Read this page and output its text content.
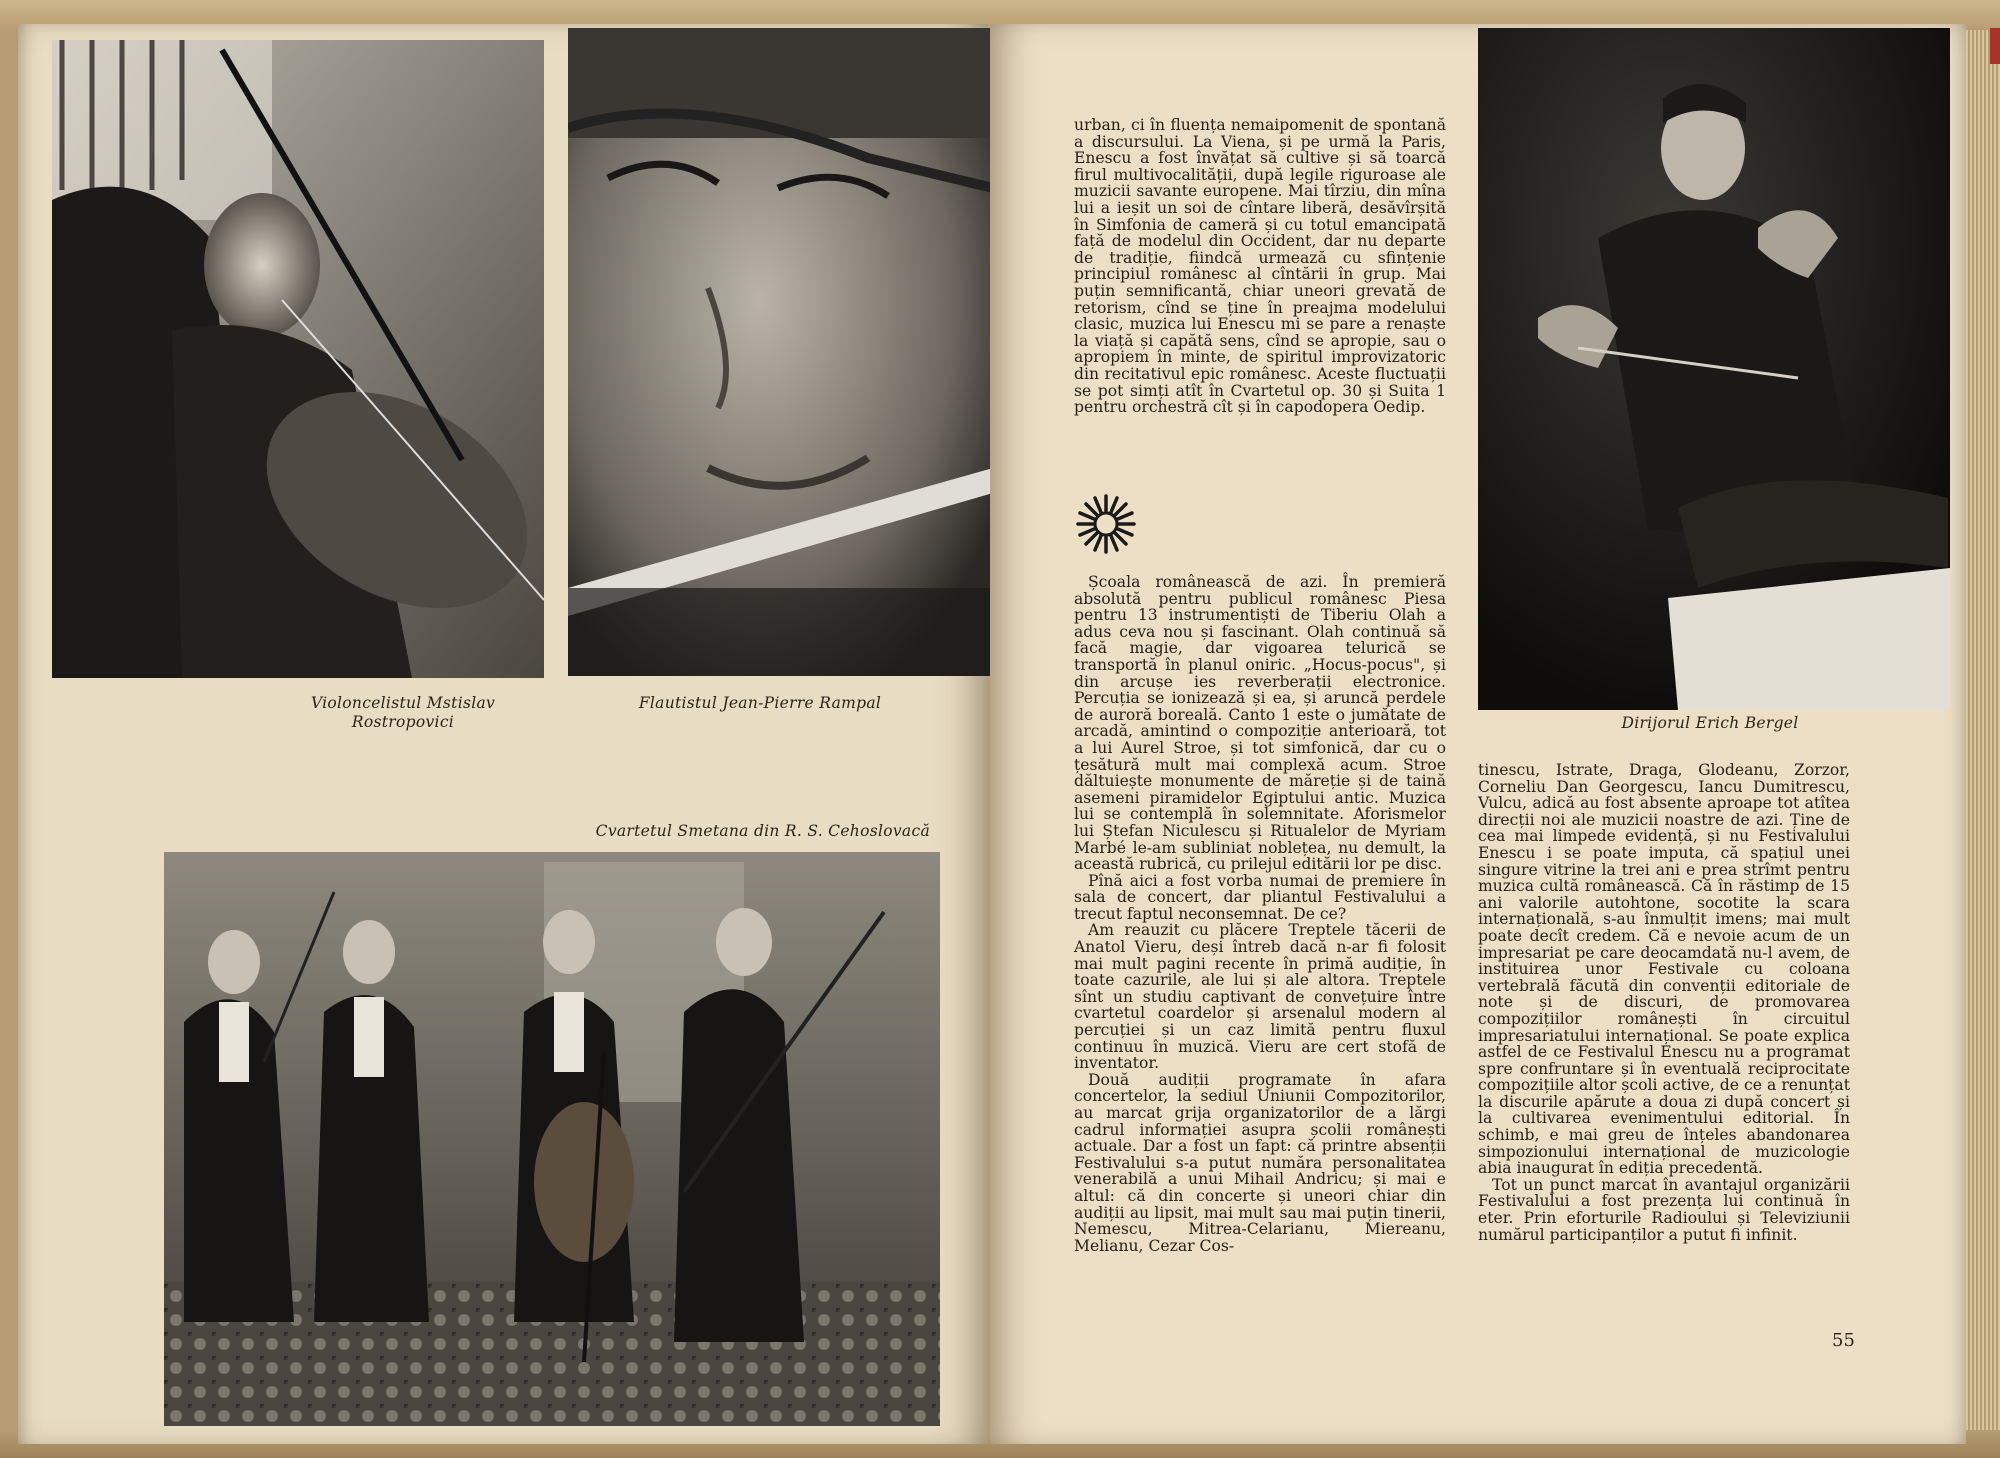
Violoncelistul Mstislav Rostropovici
Flautistul Jean-Pierre Rampal
Cvartetul Smetana din R. S. Cehoslovacă
Dirijorul Erich Bergel

urban, ci în fluența nemaipomenit de spontană a discursului. La Viena, și pe urmă la Paris, Enescu a fost învățat să cultive și să toarcă firul multivocalității, după legile riguroase ale muzicii savante europene. Mai tîrziu, din mîna lui a ieșit un soi de cîntare liberă, desăvîrșită în Simfonia de cameră și cu totul emancipată față de modelul din Occident, dar nu departe de tradiție, fiindcă urmează cu sfințenie principiul românesc al cîntării în grup. Mai puțin semnificantă, chiar uneori grevată de retorism, cînd se ține în preajma modelului clasic, muzica lui Enescu mi se pare a renaște la viață și capătă sens, cînd se apropie, sau o apropiem în minte, de spiritul improvizatoric din recitativul epic românesc. Aceste fluctuații se pot simți atît în Cvartetul op. 30 și Suita 1 pentru orchestră cît și în capodopera Oedip.

Școala românească de azi. În premieră absolută pentru publicul românesc Piesa pentru 13 instrumentiști de Tiberiu Olah a adus ceva nou și fascinant. Olah continuă să facă magie, dar vigoarea telurică se transportă în planul oniric. „Hocus-pocus", și din arcușe ies reverberații electronice. Percuția se ionizează și ea, și aruncă perdele de auroră boreală. Canto 1 este o jumătate de arcadă, amintind o compoziție anterioară, tot a lui Aurel Stroe, și tot simfonică, dar cu o țesătură mult mai complexă acum. Stroe dăltuiește monumente de măreție și de taină asemeni piramidelor Egiptului antic. Muzica lui se contemplă în solemnitate. Aforismelor lui Ștefan Niculescu și Ritualelor de Myriam Marbé le-am subliniat noblețea, nu demult, la această rubrică, cu prilejul editării lor pe disc.

Pînă aici a fost vorba numai de premiere în sala de concert, dar pliantul Festivalului a trecut faptul neconsemnat. De ce?

Am reauzit cu plăcere Treptele tăcerii de Anatol Vieru, deși întreb dacă n-ar fi folosit mai mult pagini recente în primă audiție, în toate cazurile, ale lui și ale altora. Treptele sînt un studiu captivant de convețuire între cvartetul coardelor și arsenalul modern al percuției și un caz limită pentru fluxul continuu în muzică. Vieru are cert stofă de inventator.

Două audiții programate în afara concertelor, la sediul Uniunii Compozitorilor, au marcat grija organizatorilor de a lărgi cadrul informației asupra școlii românești actuale. Dar a fost un fapt: că printre absenții Festivalului s-a putut număra personalitatea venerabilă a unui Mihail Andricu; și mai e altul: că din concerte și uneori chiar din audiții au lipsit, mai mult sau mai puțin tinerii, Nemescu, Mitrea-Celarianu, Miereanu, Melianu, Cezar Cos-

tinescu, Istrate, Draga, Glodeanu, Zorzor, Corneliu Dan Georgescu, Iancu Dumitrescu, Vulcu, adică au fost absente aproape tot atîtea direcții noi ale muzicii noastre de azi. Ține de cea mai limpede evidență, și nu Festivalului Enescu i se poate imputa, că spațiul unei singure vitrine la trei ani e prea strîmt pentru muzica cultă românească. Că în răstimp de 15 ani valorile autohtone, socotite la scara internațională, s-au înmulțit imens; mai mult poate decît credem. Că e nevoie acum de un impresariat pe care deocamdată nu-l avem, de instituirea unor Festivale cu coloana vertebrală făcută din convenții editoriale de note și de discuri, de promovarea compozițiilor românești în circuitul impresariatului internațional. Se poate explica astfel de ce Festivalul Enescu nu a programat spre confruntare și în eventuală reciprocitate compozițiile altor școli active, de ce a renunțat la discurile apărute a doua zi după concert și la cultivarea evenimentului editorial. În schimb, e mai greu de înțeles abandonarea simpozionului internațional de muzicologie abia inaugurat în ediția precedentă.

Tot un punct marcat în avantajul organizării Festivalului a fost prezența lui continuă în eter. Prin eforturile Radioului și Televiziunii numărul participanților a putut fi infinit.

55
